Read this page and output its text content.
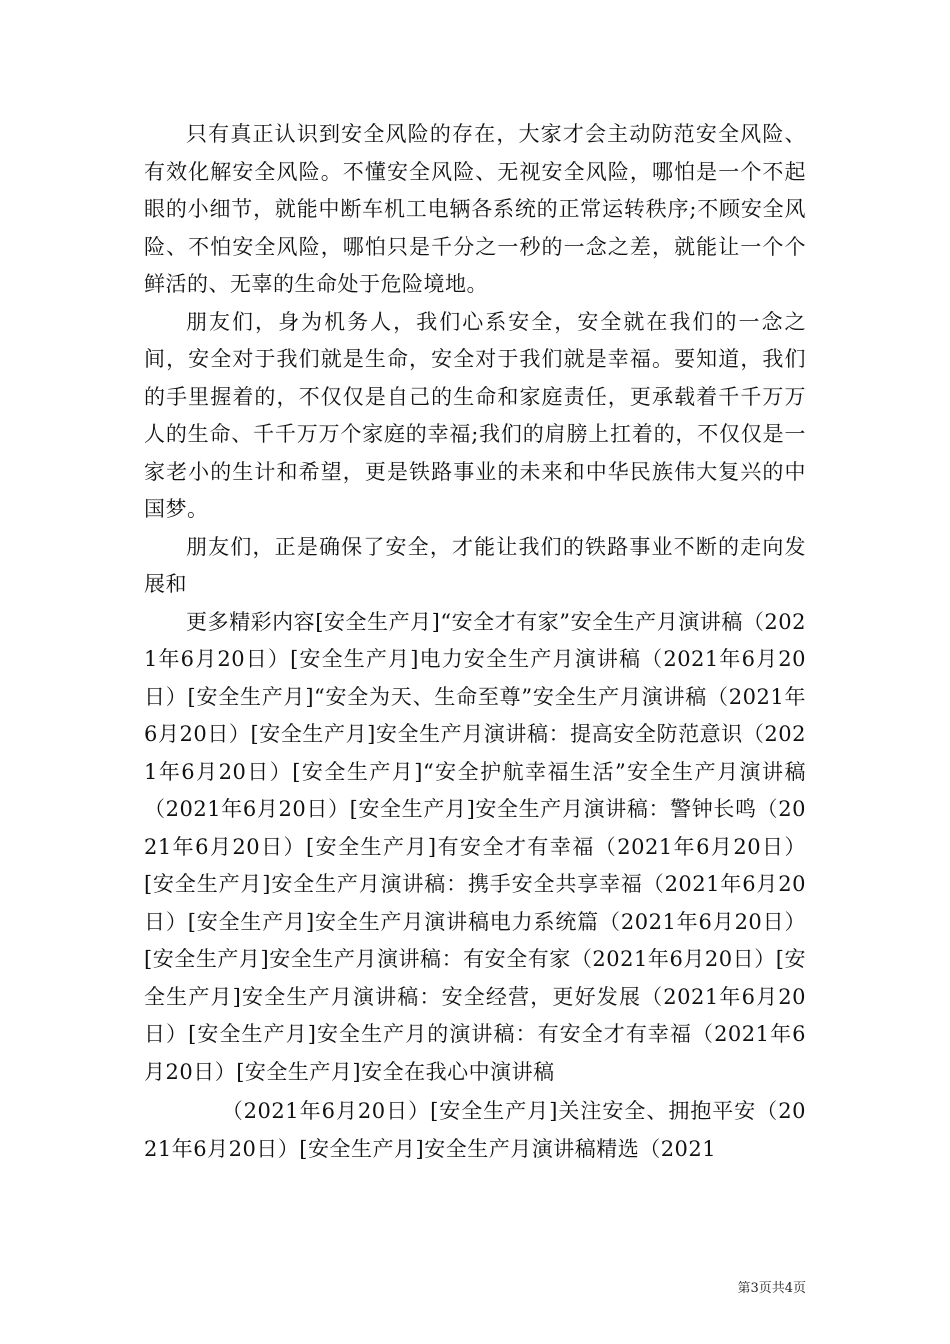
只有真正认识到安全风险的存在，大家才会主动防范安全风险、有效化解安全风险。不懂安全风险、无视安全风险，哪怕是一个不起眼的小细节，就能中断车机工电辆各系统的正常运转秩序;不顾安全风险、不怕安全风险，哪怕只是千分之一秒的一念之差，就能让一个个鲜活的、无辜的生命处于危险境地。

朋友们，身为机务人，我们心系安全，安全就在我们的一念之间，安全对于我们就是生命，安全对于我们就是幸福。要知道，我们的手里握着的，不仅仅是自己的生命和家庭责任，更承载着千千万万人的生命、千千万万个家庭的幸福;我们的肩膀上扛着的，不仅仅是一家老小的生计和希望，更是铁路事业的未来和中华民族伟大复兴的中国梦。

朋友们，正是确保了安全，才能让我们的铁路事业不断的走向发展和

更多精彩内容[安全生产月]“安全才有家”安全生产月演讲稿（2021年6月20日）[安全生产月]电力安全生产月演讲稿（2021年6月20日）[安全生产月]“安全为天、生命至尊”安全生产月演讲稿（2021年6月20日）[安全生产月]安全生产月演讲稿：提高安全防范意识（2021年6月20日）[安全生产月]“安全护航幸福生活”安全生产月演讲稿（2021年6月20日）[安全生产月]安全生产月演讲稿：警钟长鸣（2021年6月20日）[安全生产月]有安全才有幸福（2021年6月20日）[安全生产月]安全生产月演讲稿：携手安全共享幸福（2021年6月20日）[安全生产月]安全生产月演讲稿电力系统篇（2021年6月20日）[安全生产月]安全生产月演讲稿：有安全有家（2021年6月20日）[安全生产月]安全生产月演讲稿：安全经营，更好发展（2021年6月20日）[安全生产月]安全生产月的演讲稿：有安全才有幸福（2021年6月20日）[安全生产月]安全在我心中演讲稿

（2021年6月20日）[安全生产月]关注安全、拥抱平安（2021年6月20日）[安全生产月]安全生产月演讲稿精选（2021

第3页共4页
